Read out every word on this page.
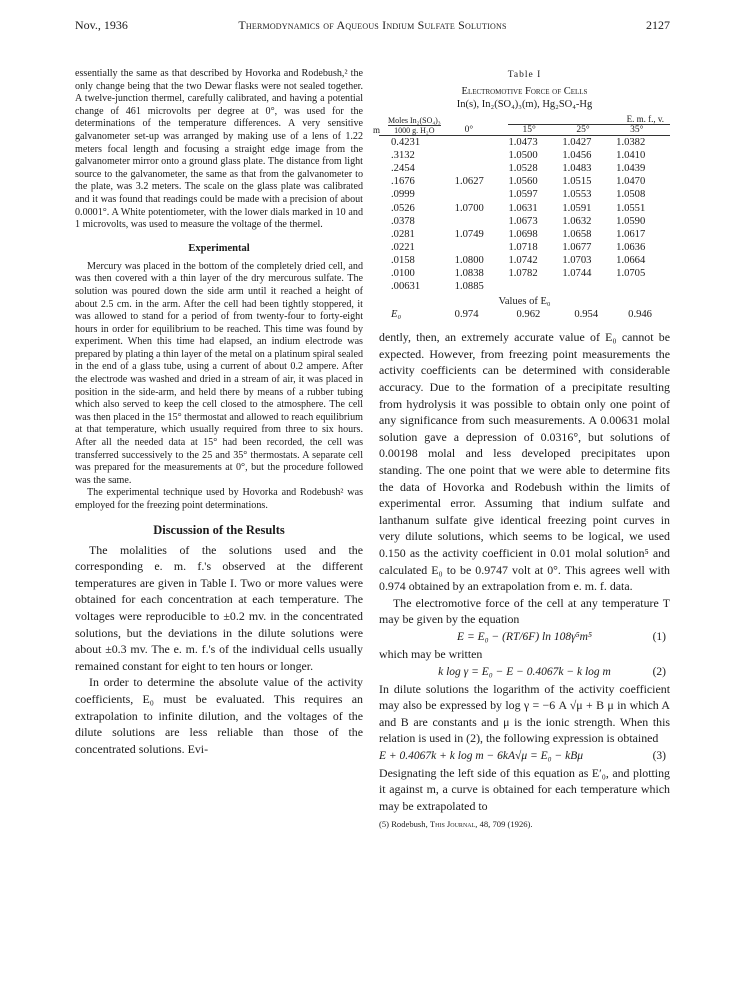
Nov., 1936	Thermodynamics of Aqueous Indium Sulfate Solutions	2127

essentially the same as that described by Hovorka and Rodebush,² the only change being that the two Dewar flasks were not sealed together. A twelve-junction thermel, carefully calibrated, and having a potential change of 461 microvolts per degree at 0°, was used for the determinations of the temperature differences. A very sensitive galvanometer set-up was arranged by making use of a lens of 1.22 meters focal length and focusing a straight edge image from the galvanometer mirror onto a ground glass plate. The distance from light source to the galvanometer, the same as that from the galvanometer to the plate, was 3.2 meters. The scale on the glass plate was calibrated and it was found that readings could be made with a precision of about 0.0001°. A White potentiometer, with the lower dials marked in 10 and 1 microvolts, was used to measure the voltage of the thermel.

Experimental

Mercury was placed in the bottom of the completely dried cell, and was then covered with a thin layer of the dry mercurous sulfate. The solution was poured down the side arm until it reached a height of about 2.5 cm. in the arm. After the cell had been tightly stoppered, it was allowed to stand for a period of from twenty-four to forty-eight hours in order for equilibrium to be reached. This time was found by experiment. When this time had elapsed, an indium electrode was prepared by plating a thin layer of the metal on a platinum spiral sealed in the end of a glass tube, using a current of about 0.2 ampere. After the electrode was washed and dried in a stream of air, it was placed in position in the side-arm, and held there by means of a rubber tubing which also served to keep the cell closed to the atmosphere. The cell was then placed in the 15° thermostat and allowed to reach equilibrium at that temperature, which usually required from three to six hours. After all the needed data at 15° had been recorded, the cell was transferred successively to the 25 and 35° thermostats. A separate cell was prepared for the measurements at 0°, but the procedure followed was the same.

The experimental technique used by Hovorka and Rodebush² was employed for the freezing point determinations.

Discussion of the Results

The molalities of the solutions used and the corresponding e. m. f.'s observed at the different temperatures are given in Table I. Two or more values were obtained for each concentration at each temperature. The voltages were reproducible to ±0.2 mv. in the concentrated solutions, but the deviations in the dilute solutions were about ±0.3 mv. The e. m. f.'s of the individual cells usually remained constant for eight to ten hours or longer.

In order to determine the absolute value of the activity coefficients, E₀ must be evaluated. This requires an extrapolation to infinite dilution, and the voltages of the dilute solutions are less reliable than those of the concentrated solutions. Evi-

Table I
Electromotive Force of Cells
In(s), In₂(SO₄)₃(m), Hg₂SO₄-Hg
m
Moles In₂(SO₄)₃
1000 g. H₂O	0°	E. m. f., v.		
		15°	25°	35°
0.4231		1.0473	1.0427	1.0382
.3132		1.0500	1.0456	1.0410
.2454		1.0528	1.0483	1.0439
.1676	1.0627	1.0560	1.0515	1.0470
.0999		1.0597	1.0553	1.0508
.0526	1.0700	1.0631	1.0591	1.0551
.0378		1.0673	1.0632	1.0590
.0281	1.0749	1.0698	1.0658	1.0617
.0221		1.0718	1.0677	1.0636
.0158	1.0800	1.0742	1.0703	1.0664
.0100	1.0838	1.0782	1.0744	1.0705
.00631	1.0885			
Values of E₀
E₀	0.974	0.962	0.954	0.946

dently, then, an extremely accurate value of E₀ cannot be expected. However, from freezing point measurements the activity coefficients can be determined with considerable accuracy. Due to the formation of a precipitate resulting from hydrolysis it was possible to obtain only one point of any significance from such measurements. A 0.00631 molal solution gave a depression of 0.0316°, but solutions of 0.00198 molal and less developed precipitates upon standing. The one point that we were able to determine fits the data of Hovorka and Rodebush within the limits of experimental error. Assuming that indium sulfate and lanthanum sulfate give identical freezing point curves in very dilute solutions, which seems to be logical, we used 0.150 as the activity coefficient in 0.01 molal solution⁵ and calculated E₀ to be 0.9747 volt at 0°. This agrees well with 0.974 obtained by an extrapolation from e. m. f. data.

The electromotive force of the cell at any temperature T may be given by the equation

E = E₀ − (RT/6F) ln 108γ⁵m⁵	(1)

which may be written

k log γ = E₀ − E − 0.4067k − k log m	(2)

In dilute solutions the logarithm of the activity coefficient may also be expressed by log γ = −6 A √μ + B μ in which A and B are constants and μ is the ionic strength. When this relation is used in (2), the following expression is obtained

E + 0.4067k + k log m − 6kA√μ = E₀ − kBμ	(3)

Designating the left side of this equation as E′₀, and plotting it against m, a curve is obtained for each temperature which may be extrapolated to

(5) Rodebush, This Journal, 48, 709 (1926).
